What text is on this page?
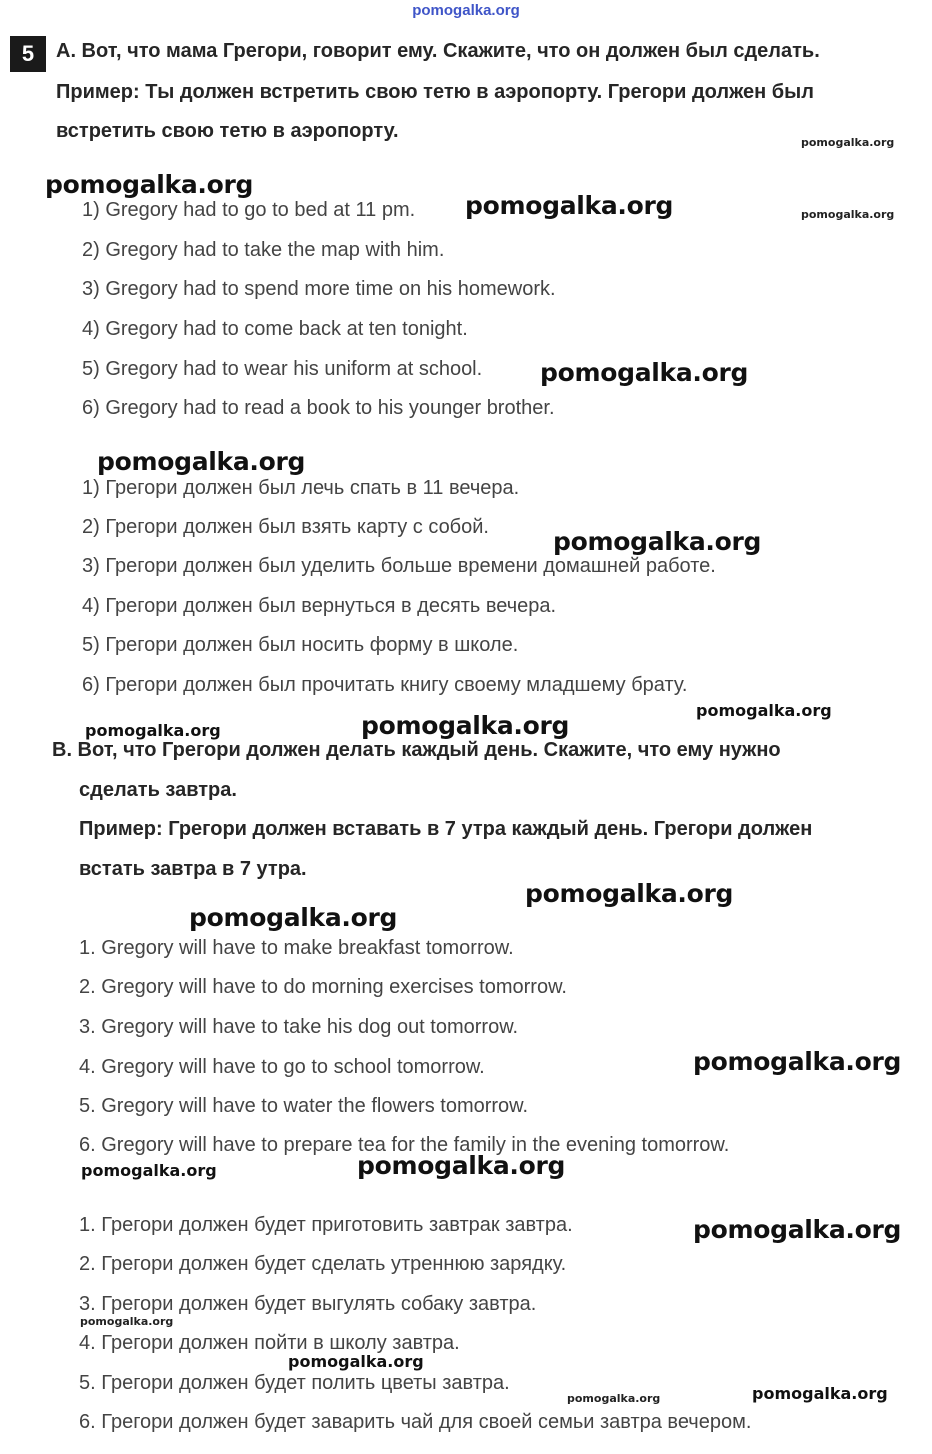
pomogalka.org
5	A. Вот, что мама Грегори, говорит ему. Скажите, что он должен был сделать.
Пример: Ты должен встретить свою тетю в аэропорту. Грегори должен был
встретить свою тетю в аэропорту.
1) Gregory had to go to bed at 11 pm.
2) Gregory had to take the map with him.
3) Gregory had to spend more time on his homework.
4) Gregory had to come back at ten tonight.
5) Gregory had to wear his uniform at school.
6) Gregory had to read a book to his younger brother.
1) Грегори должен был лечь спать в 11 вечера.
2) Грегори должен был взять карту с собой.
3) Грегори должен был уделить больше времени домашней работе.
4) Грегори должен был вернуться в десять вечера.
5) Грегори должен был носить форму в школе.
6) Грегори должен был прочитать книгу своему младшему брату.
B. Вот, что Грегори должен делать каждый день. Скажите, что ему нужно
сделать завтра.
Пример: Грегори должен вставать в 7 утра каждый день. Грегори должен
встать завтра в 7 утра.
1. Gregory will have to make breakfast tomorrow.
2. Gregory will have to do morning exercises tomorrow.
3. Gregory will have to take his dog out tomorrow.
4. Gregory will have to go to school tomorrow.
5. Gregory will have to water the flowers tomorrow.
6. Gregory will have to prepare tea for the family in the evening tomorrow.
1. Грегори должен будет приготовить завтрак завтра.
2. Грегори должен будет сделать утреннюю зарядку.
3. Грегори должен будет выгулять собаку завтра.
4. Грегори должен пойти в школу завтра.
5. Грегори должен будет полить цветы завтра.
6. Грегори должен будет заварить чай для своей семьи завтра вечером.
pomogalka.org
pomogalka.org
pomogalka.org
pomogalka.org
pomogalka.org
pomogalka.org
pomogalka.org
pomogalka.org
pomogalka.org
pomogalka.org
pomogalka.org
pomogalka.org
pomogalka.org
pomogalka.org
pomogalka.org
pomogalka.org
pomogalka.org
pomogalka.org
pomogalka.org
pomogalka.org
